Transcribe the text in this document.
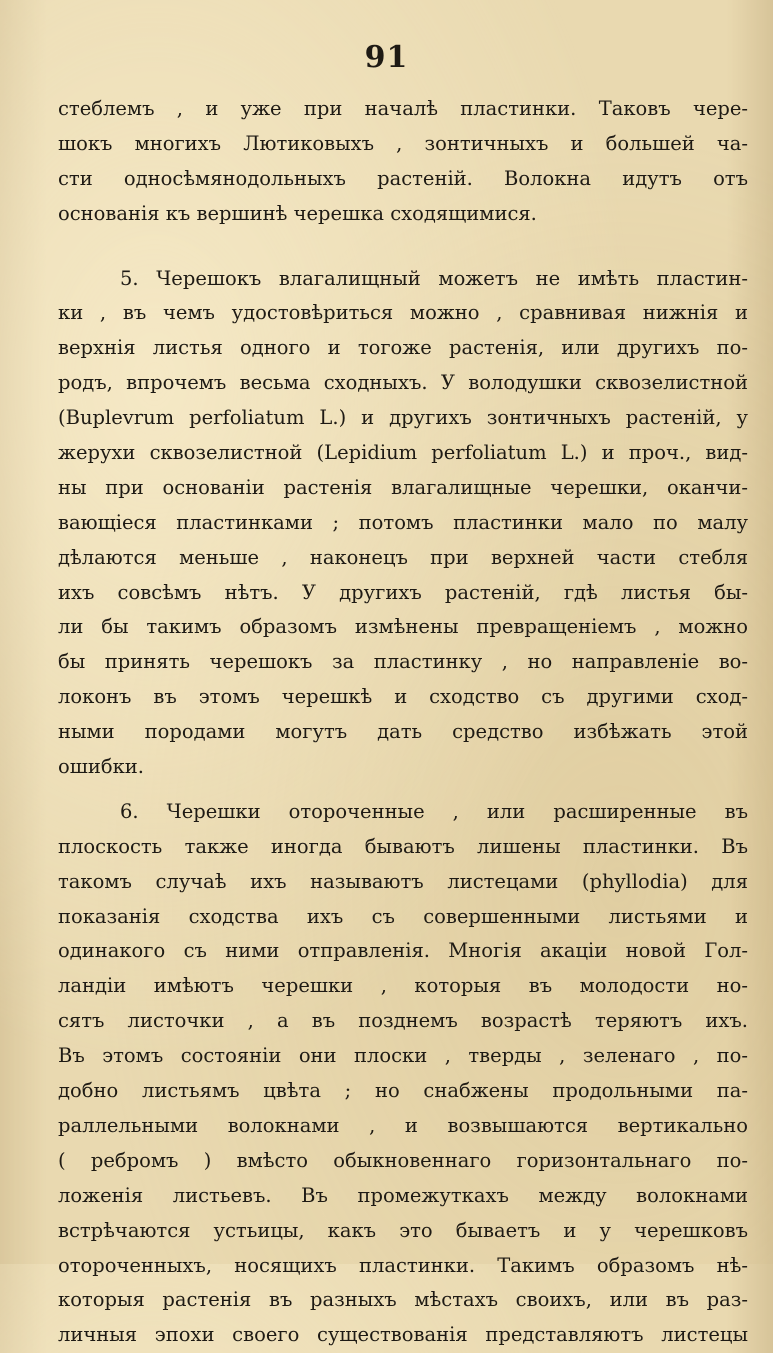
91
стеблемъ , и уже при началѣ пластинки. Таковъ чере-
шокъ многихъ Лютиковыхъ , зонтичныхъ и большей ча-
сти односѣмянодольныхъ растеній. Волокна идутъ отъ
основанія къ вершинѣ черешка сходящимися.
5. Черешокъ влагалищный можетъ не имѣть пластин-
ки , въ чемъ удостовѣриться можно , сравнивая нижнія и
верхнія листья одного и тогоже растенія, или другихъ по-
родъ, впрочемъ весьма сходныхъ. У володушки сквозелистной
(Buplevrum perfoliatum L.) и другихъ зонтичныхъ растеній, у
жерухи сквозелистной (Lepidium perfoliatum L.) и проч., вид-
ны при основаніи растенія влагалищные черешки, оканчи-
вающіеся пластинками ; потомъ пластинки мало по малу
дѣлаются меньше , наконецъ при верхней части стебля
ихъ совсѣмъ нѣтъ. У другихъ растеній, гдѣ листья бы-
ли бы такимъ образомъ измѣнены превращеніемъ , можно
бы принять черешокъ за пластинку , но направленіе во-
локонъ въ этомъ черешкѣ и сходство съ другими сход-
ными породами могутъ дать средство избѣжать этой
ошибки.
6. Черешки отороченные , или расширенные въ
плоскость также иногда бываютъ лишены пластинки. Въ
такомъ случаѣ ихъ называютъ листецами (phyllodia) для
показанія сходства ихъ съ совершенными листьями и
одинакого съ ними отправленія. Многія акаціи новой Гол-
ландіи имѣютъ черешки , которыя въ молодости но-
сятъ листочки , а въ позднемъ возрастѣ теряютъ ихъ.
Въ этомъ состояніи они плоски , тверды , зеленаго , по-
добно листьямъ цвѣта ; но снабжены продольными па-
раллельными волокнами , и возвышаются вертикально
( ребромъ ) вмѣсто обыкновеннаго горизонтальнаго по-
ложенія листьевъ. Въ промежуткахъ между волокнами
встрѣчаются устьицы, какъ это бываетъ и у черешковъ
отороченныхъ, носящихъ пластинки. Такимъ образомъ нѣ-
которыя растенія въ разныхъ мѣстахъ своихъ, или въ раз-
личныя эпохи своего существованія представляютъ листецы
